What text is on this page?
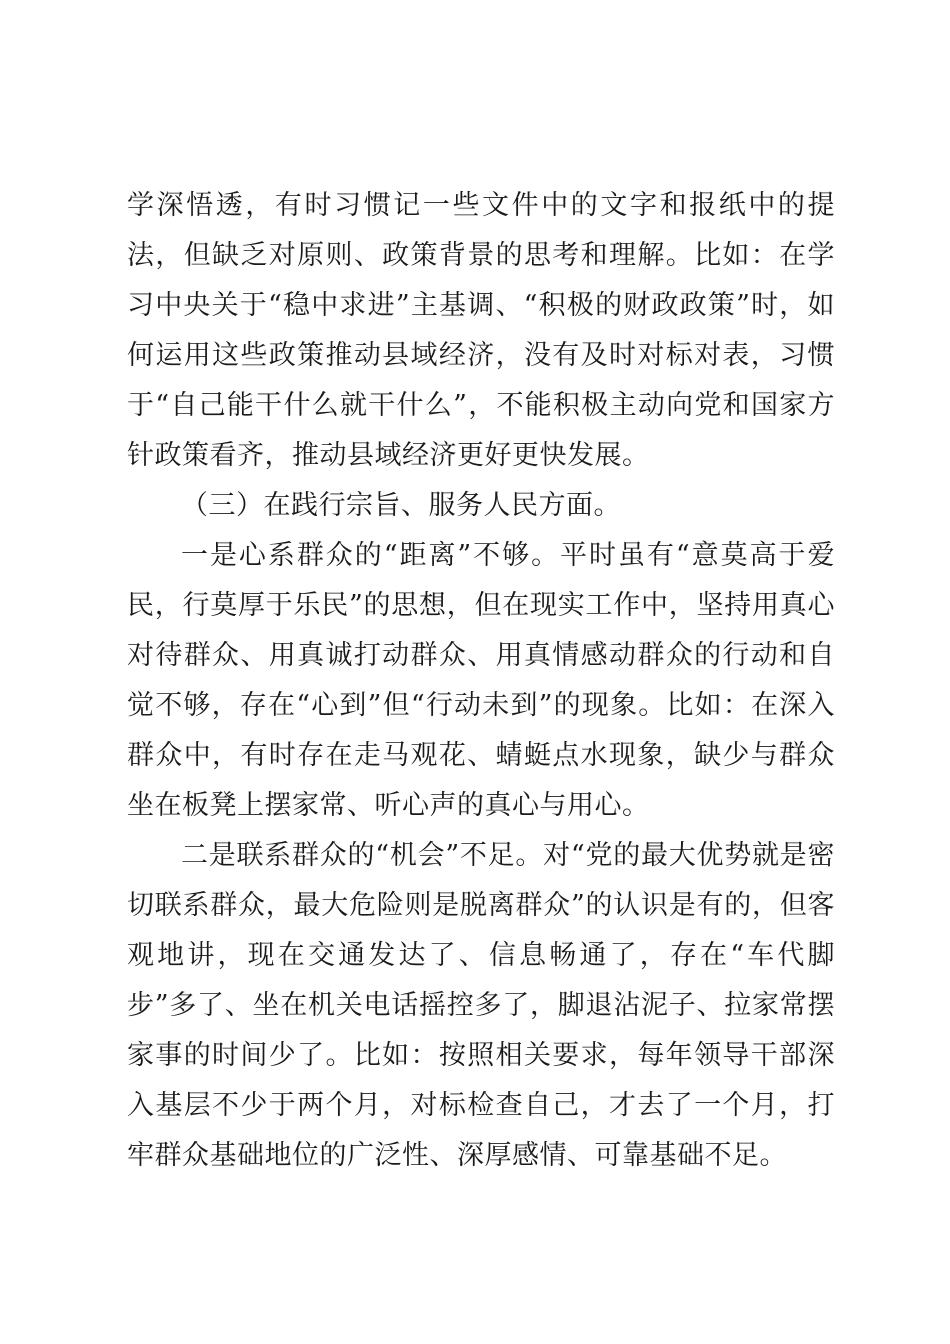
学深悟透，有时习惯记一些文件中的文字和报纸中的提法，但缺乏对原则、政策背景的思考和理解。比如：在学习中央关于“稳中求进”主基调、“积极的财政政策”时，如何运用这些政策推动县域经济，没有及时对标对表，习惯于“自己能干什么就干什么”，不能积极主动向党和国家方针政策看齐，推动县域经济更好更快发展。

（三）在践行宗旨、服务人民方面。

一是心系群众的“距离”不够。平时虽有“意莫高于爱民，行莫厚于乐民”的思想，但在现实工作中，坚持用真心对待群众、用真诚打动群众、用真情感动群众的行动和自觉不够，存在“心到”但“行动未到”的现象。比如：在深入群众中，有时存在走马观花、蜻蜓点水现象，缺少与群众坐在板凳上摆家常、听心声的真心与用心。

二是联系群众的“机会”不足。对“党的最大优势就是密切联系群众，最大危险则是脱离群众”的认识是有的，但客观地讲，现在交通发达了、信息畅通了，存在“车代脚步”多了、坐在机关电话摇控多了，脚退沾泥子、拉家常摆家事的时间少了。比如：按照相关要求，每年领导干部深入基层不少于两个月，对标检查自己，才去了一个月，打牢群众基础地位的广泛性、深厚感情、可靠基础不足。
